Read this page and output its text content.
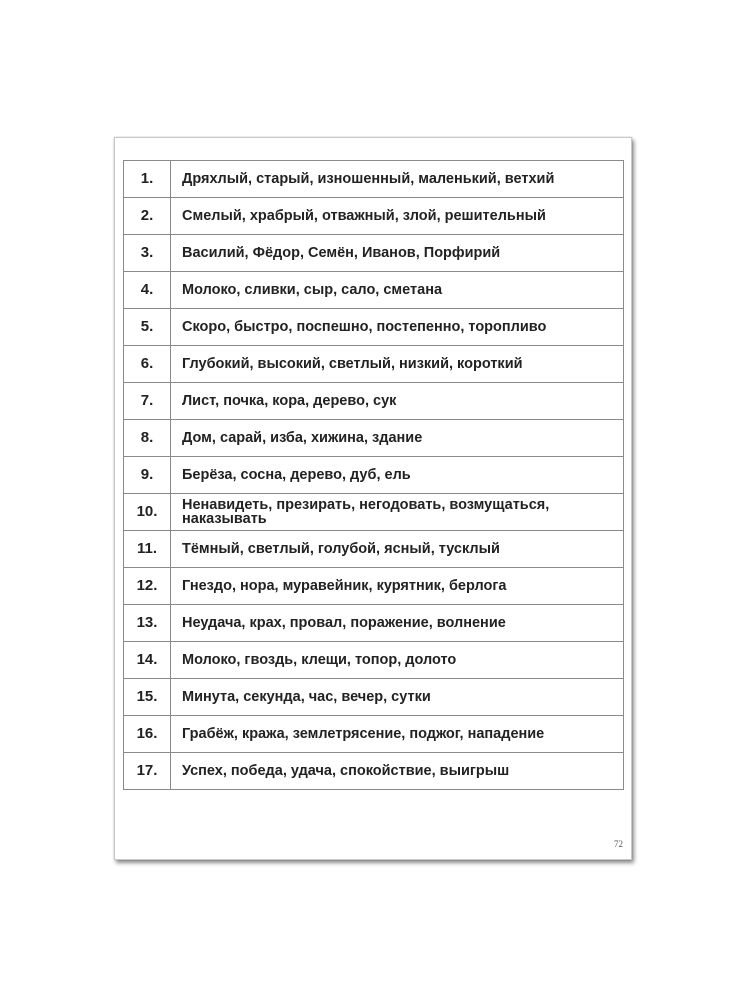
1.	Дряхлый, старый, изношенный, маленький, ветхий
2.	Смелый, храбрый, отважный, злой, решительный
3.	Василий, Фёдор, Семён, Иванов, Порфирий
4.	Молоко, сливки, сыр, сало, сметана
5.	Скоро, быстро, поспешно, постепенно, торопливо
6.	Глубокий, высокий, светлый, низкий, короткий
7.	Лист, почка, кора, дерево, сук
8.	Дом, сарай, изба, хижина, здание
9.	Берёза, сосна, дерево, дуб, ель
10.	Ненавидеть, презирать, негодовать, возмущаться, наказывать
11.	Тёмный, светлый, голубой, ясный, тусклый
12.	Гнездо, нора, муравейник, курятник, берлога
13.	Неудача, крах, провал, поражение, волнение
14.	Молоко, гвоздь, клещи, топор, долото
15.	Минута, секунда, час, вечер, сутки
16.	Грабёж, кража, землетрясение, поджог, нападение
17.	Успех, победа, удача, спокойствие, выигрыш
72
